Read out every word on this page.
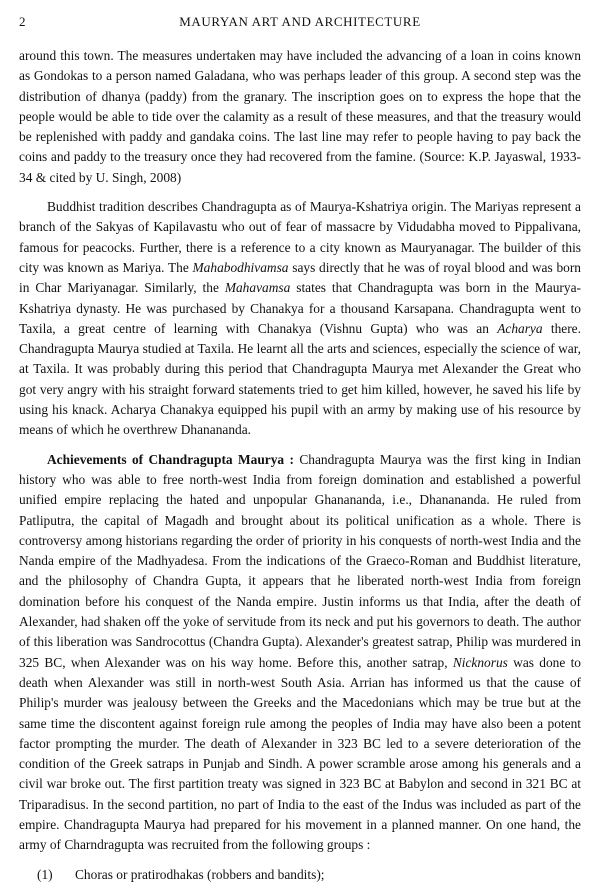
2	MAURYAN ART AND ARCHITECTURE

around this town. The measures undertaken may have included the advancing of a loan in coins known as Gondokas to a person named Galadana, who was perhaps leader of this group. A second step was the distribution of dhanya (paddy) from the granary. The inscription goes on to express the hope that the people would be able to tide over the calamity as a result of these measures, and that the treasury would be replenished with paddy and gandaka coins. The last line may refer to people having to pay back the coins and paddy to the treasury once they had recovered from the famine. (Source: K.P. Jayaswal, 1933-34 & cited by U. Singh, 2008)

Buddhist tradition describes Chandragupta as of Maurya-Kshatriya origin. The Mariyas represent a branch of the Sakyas of Kapilavastu who out of fear of massacre by Vidudabha moved to Pippalivana, famous for peacocks. Further, there is a reference to a city known as Mauryanagar. The builder of this city was known as Mariya. The Mahabodhivamsa says directly that he was of royal blood and was born in Char Mariyanagar. Similarly, the Mahavamsa states that Chandragupta was born in the Maurya-Kshatriya dynasty. He was purchased by Chanakya for a thousand Karsapana. Chandragupta went to Taxila, a great centre of learning with Chanakya (Vishnu Gupta) who was an Acharya there. Chandragupta Maurya studied at Taxila. He learnt all the arts and sciences, especially the science of war, at Taxila. It was probably during this period that Chandragupta Maurya met Alexander the Great who got very angry with his straight forward statements tried to get him killed, however, he saved his life by using his knack. Acharya Chanakya equipped his pupil with an army by making use of his resource by means of which he overthrew Dhanananda.

Achievements of Chandragupta Maurya : Chandragupta Maurya was the first king in Indian history who was able to free north-west India from foreign domination and established a powerful unified empire replacing the hated and unpopular Ghanananda, i.e., Dhanananda. He ruled from Patliputra, the capital of Magadh and brought about its political unification as a whole. There is controversy among historians regarding the order of priority in his conquests of north-west India and the Nanda empire of the Madhyadesa. From the indications of the Graeco-Roman and Buddhist literature, and the philosophy of Chandra Gupta, it appears that he liberated north-west India from foreign domination before his conquest of the Nanda empire. Justin informs us that India, after the death of Alexander, had shaken off the yoke of servitude from its neck and put his governors to death. The author of this liberation was Sandrocottus (Chandra Gupta). Alexander's greatest satrap, Philip was murdered in 325 BC, when Alexander was on his way home. Before this, another satrap, Nicknorus was done to death when Alexander was still in north-west South Asia. Arrian has informed us that the cause of Philip's murder was jealousy between the Greeks and the Macedonians which may be true but at the same time the discontent against foreign rule among the peoples of India may have also been a potent factor prompting the murder. The death of Alexander in 323 BC led to a severe deterioration of the condition of the Greek satraps in Punjab and Sindh. A power scramble arose among his generals and a civil war broke out. The first partition treaty was signed in 323 BC at Babylon and second in 321 BC at Triparadisus. In the second partition, no part of India to the east of the Indus was included as part of the empire. Chandragupta Maurya had prepared for his movement in a planned manner. On one hand, the army of Charndragupta was recruited from the following groups :

(1) Choras or pratirodhakas (robbers and bandits);
